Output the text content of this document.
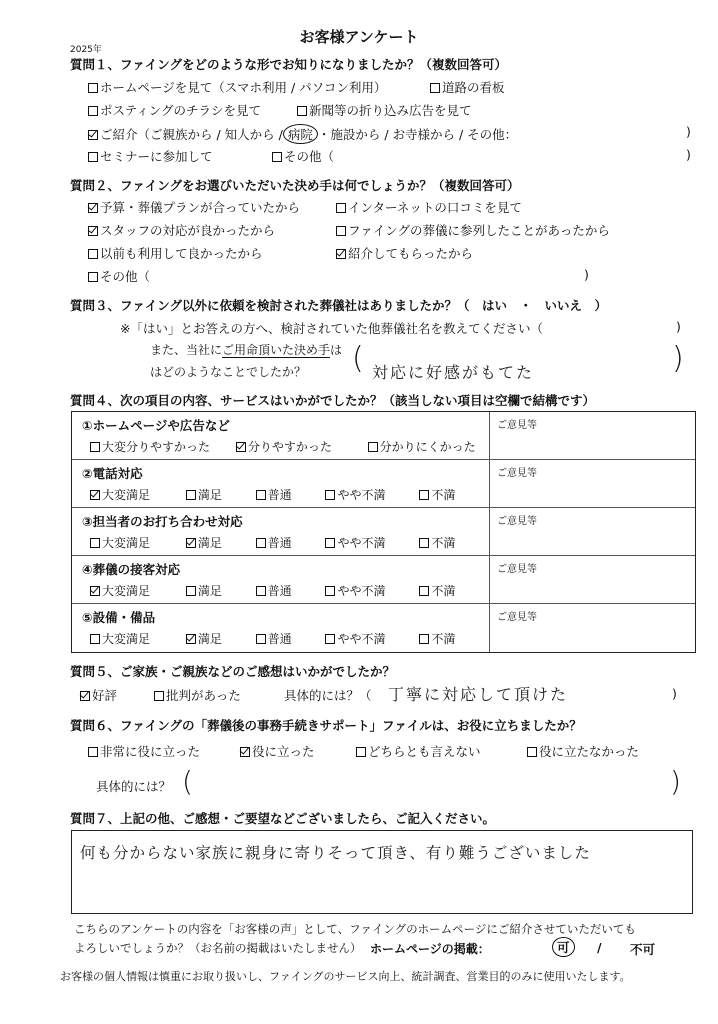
お客様アンケート
2025年
質問１、ファイングをどのような形でお知りになりましたか？（複数回答可）
ホームページを見て（スマホ利用 / パソコン利用）	道路の看板
ポスティングのチラシを見て	新聞等の折り込み広告を見て
ご紹介（ご親族から / 知人から / 病院 ・施設から / お寺様から / その他：	)
セミナーに参加して	その他（	)
質問２、ファイングをお選びいただいた決め手は何でしょうか？（複数回答可）
予算・葬儀プランが合っていたから	インターネットの口コミを見て
スタッフの対応が良かったから	ファイングの葬儀に参列したことがあったから
以前も利用して良かったから	紹介してもらったから
その他（	)
質問３、ファイング以外に依頼を検討された葬儀社はありましたか？（　はい　・　いいえ　）
※「はい」とお答えの方へ、検討されていた他葬儀社名を教えてください（	)
また、当社にご用命頂いた決め手は
はどのようなことでしたか？ ( 対応に好感がもてた	)
質問４、次の項目の内容、サービスはいかがでしたか？（該当しない項目は空欄で結構です）
①ホームページや広告など
大変分りやすかった	分りやすかった	分かりにくかった
ご意見等
②電話対応
大変満足	満足	普通	やや不満	不満
ご意見等
③担当者のお打ち合わせ対応
大変満足	満足	普通	やや不満	不満
ご意見等
④葬儀の接客対応
大変満足	満足	普通	やや不満	不満
ご意見等
⑤設備・備品
大変満足	満足	普通	やや不満	不満
ご意見等
質問５、ご家族・ご親族などのご感想はいかがでしたか？
好評	批判があった	具体的には？（ 丁寧に対応して頂けた	)
質問６、ファイングの「葬儀後の事務手続きサポート」ファイルは、お役に立ちましたか？
非常に役に立った	役に立った	どちらとも言えない	役に立たなかった
具体的には？ (	)
質問７、上記の他、ご感想・ご要望などございましたら、ご記入ください。
何も分からない家族に親身に寄りそって頂き、有り難うございました
こちらのアンケートの内容を「お客様の声」として、ファイングのホームページにご紹介させていただいても
よろしいでしょうか？（お名前の掲載はいたしません） ホームページの掲載：	可	/ 不可
お客様の個人情報は慎重にお取り扱いし、ファイングのサービス向上、統計調査、営業目的のみに使用いたします。
